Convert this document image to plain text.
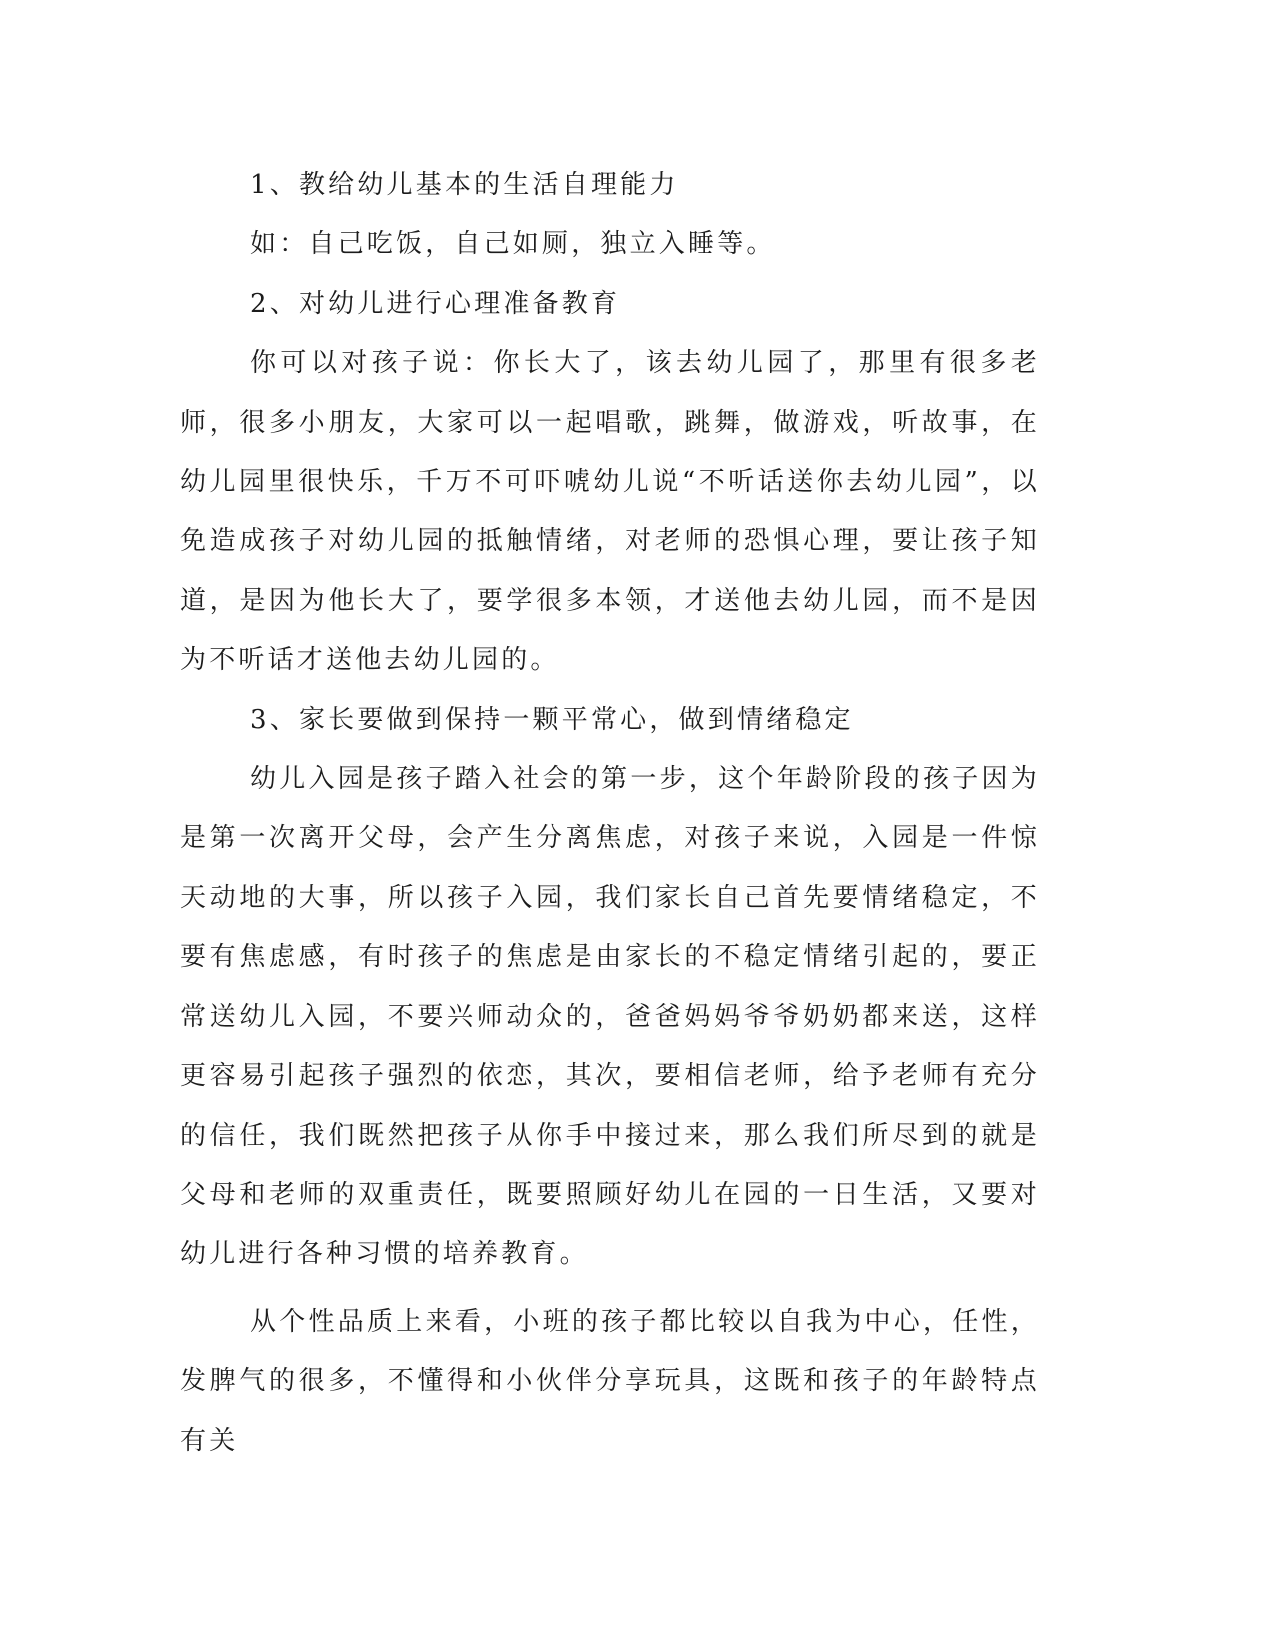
1、教给幼儿基本的生活自理能力

如：自己吃饭，自己如厕，独立入睡等。

2、对幼儿进行心理准备教育

你可以对孩子说：你长大了，该去幼儿园了，那里有很多老师，很多小朋友，大家可以一起唱歌，跳舞，做游戏，听故事，在幼儿园里很快乐，千万不可吓唬幼儿说“不听话送你去幼儿园”，以免造成孩子对幼儿园的抵触情绪，对老师的恐惧心理，要让孩子知道，是因为他长大了，要学很多本领，才送他去幼儿园，而不是因为不听话才送他去幼儿园的。

3、家长要做到保持一颗平常心，做到情绪稳定

幼儿入园是孩子踏入社会的第一步，这个年龄阶段的孩子因为是第一次离开父母，会产生分离焦虑，对孩子来说，入园是一件惊天动地的大事，所以孩子入园，我们家长自己首先要情绪稳定，不要有焦虑感，有时孩子的焦虑是由家长的不稳定情绪引起的，要正常送幼儿入园，不要兴师动众的，爸爸妈妈爷爷奶奶都来送，这样更容易引起孩子强烈的依恋，其次，要相信老师，给予老师有充分的信任，我们既然把孩子从你手中接过来，那么我们所尽到的就是父母和老师的双重责任，既要照顾好幼儿在园的一日生活，又要对幼儿进行各种习惯的培养教育。

从个性品质上来看，小班的孩子都比较以自我为中心，任性，发脾气的很多，不懂得和小伙伴分享玩具，这既和孩子的年龄特点有关
